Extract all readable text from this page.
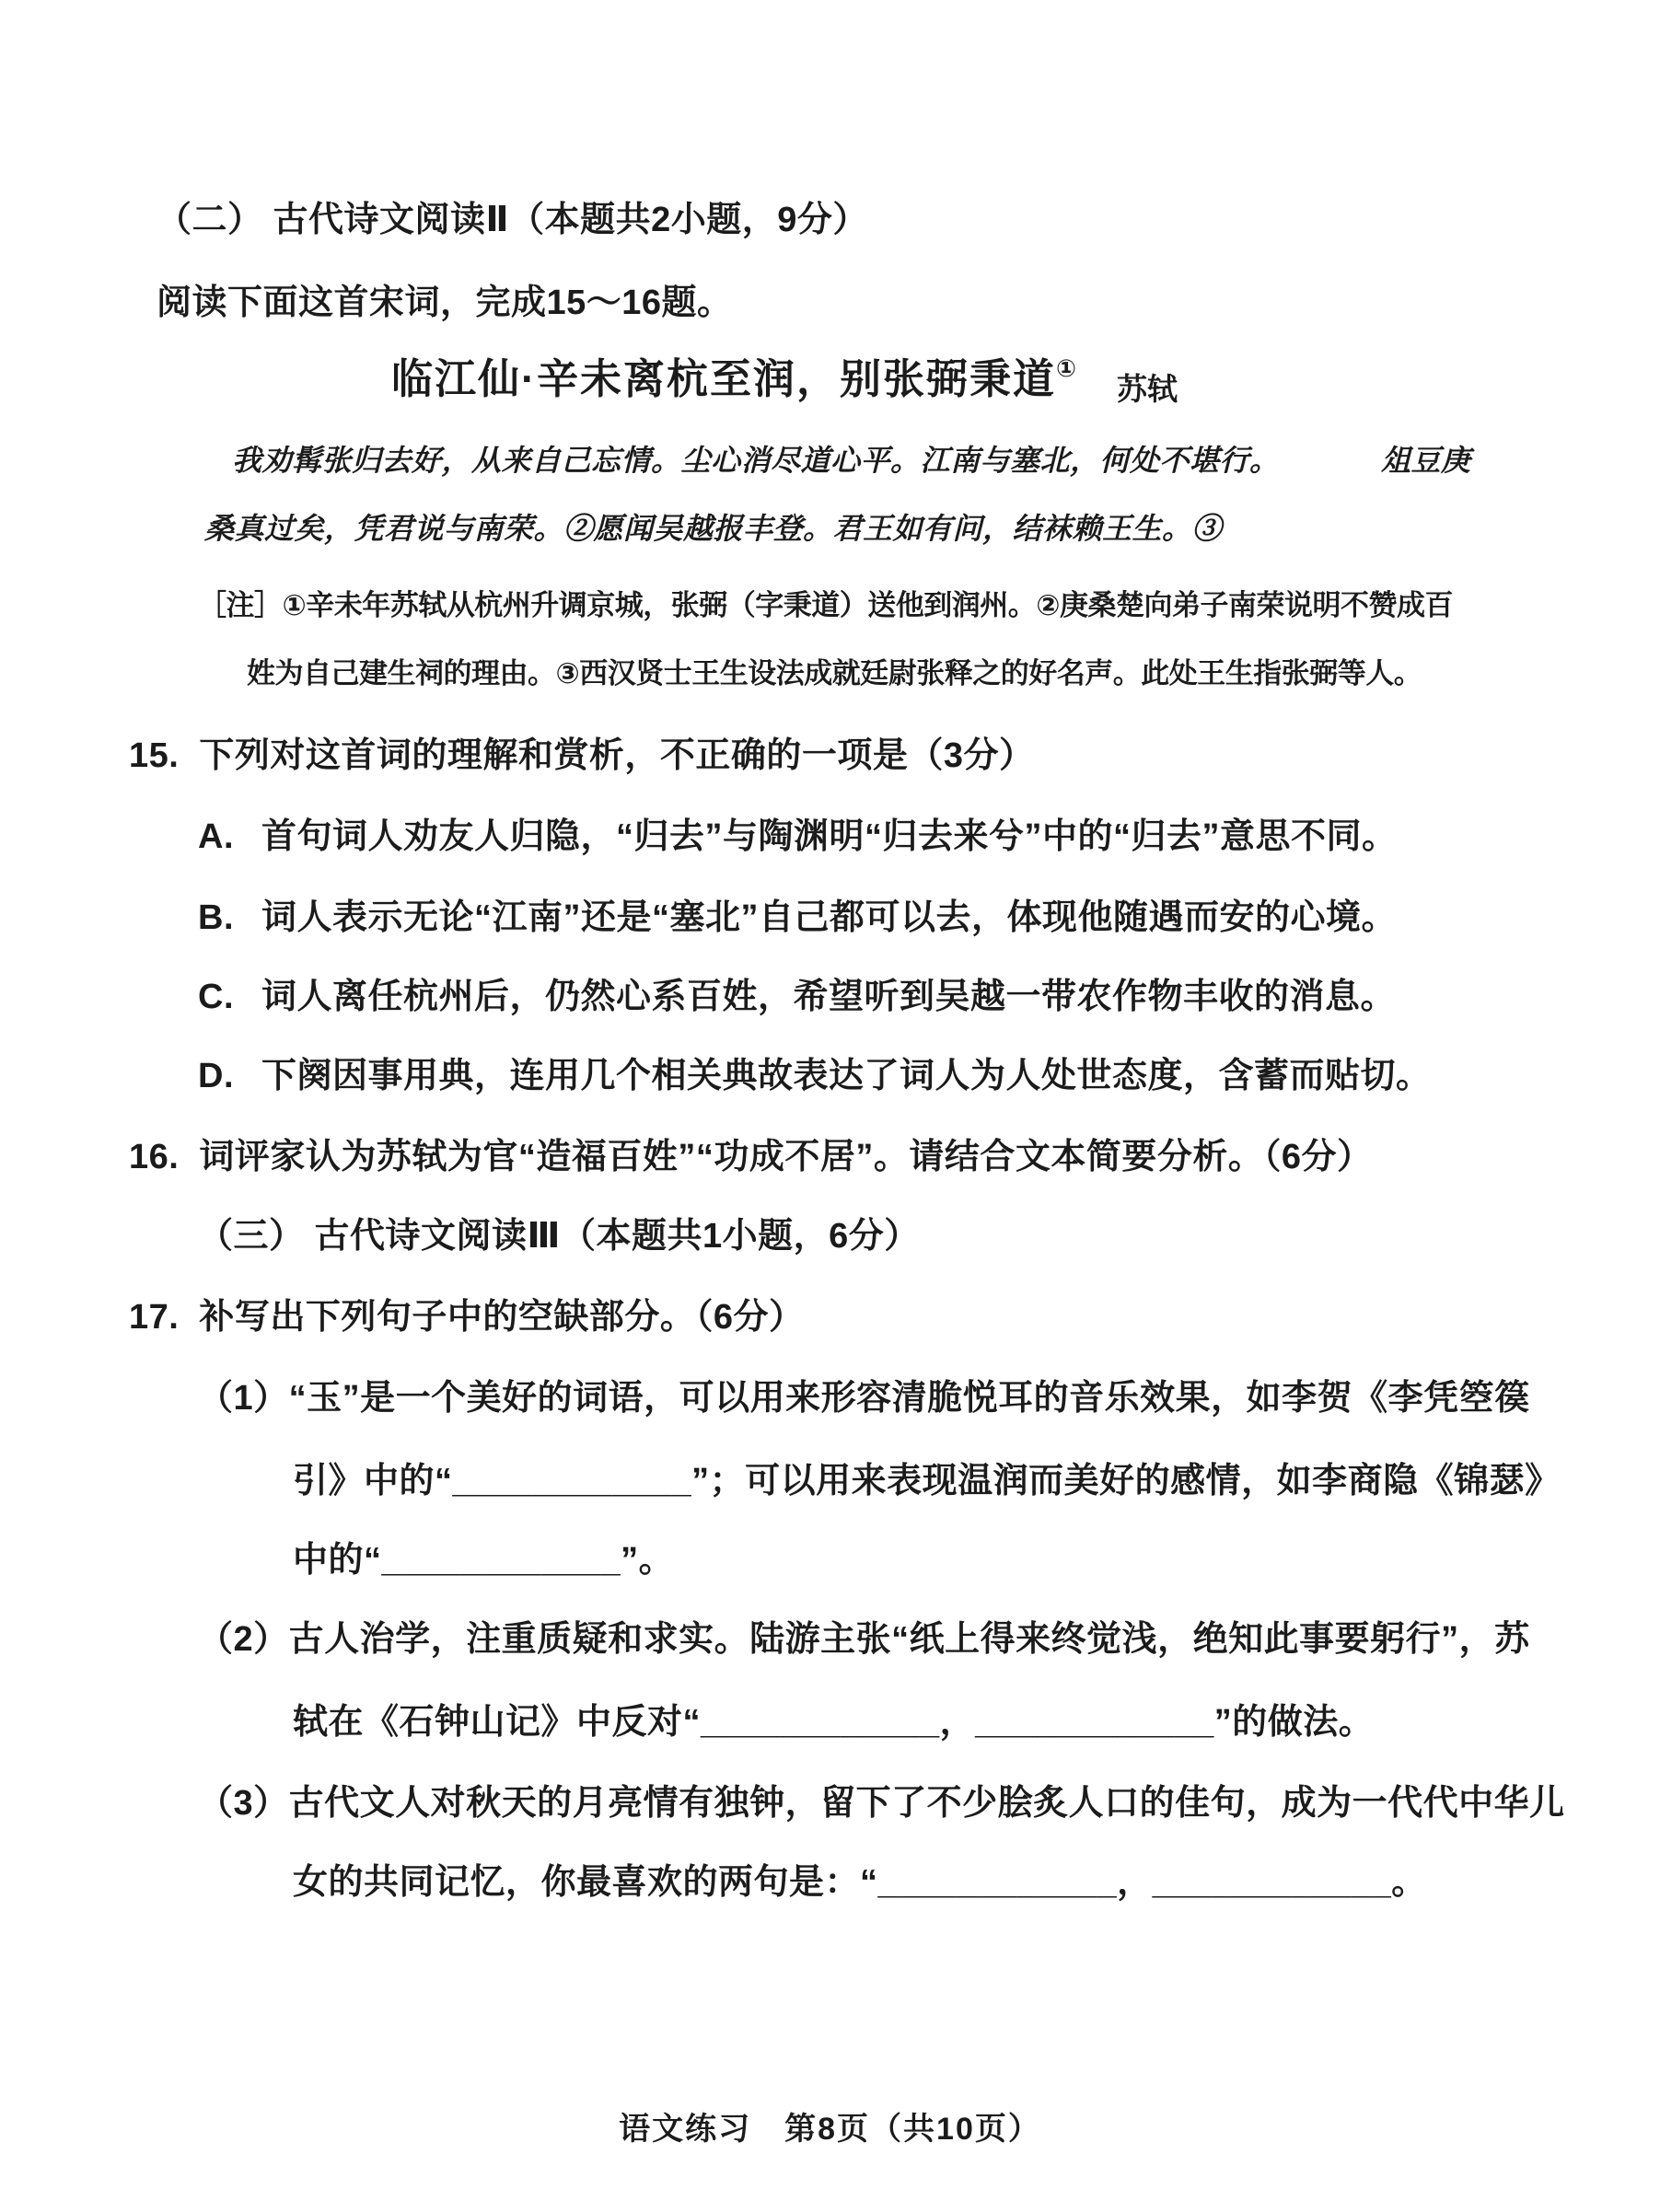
（二） 古代诗文阅读Ⅱ（本题共2小题，9分）
阅读下面这首宋词，完成15～16题。
临江仙·辛未离杭至润，别张弼秉道①
苏轼
我劝髯张归去好，从来自己忘情。尘心消尽道心平。江南与塞北，何处不堪行。	俎豆庚
桑真过矣，凭君说与南荣。②愿闻吴越报丰登。君王如有问，结袜赖王生。③
［注］①辛未年苏轼从杭州升调京城，张弼（字秉道）送他到润州。②庚桑楚向弟子南荣说明不赞成百
姓为自己建生祠的理由。③西汉贤士王生设法成就廷尉张释之的好名声。此处王生指张弼等人。
15. 下列对这首词的理解和赏析，不正确的一项是（3分）
A. 首句词人劝友人归隐，“归去”与陶渊明“归去来兮”中的“归去”意思不同。
B. 词人表示无论“江南”还是“塞北”自己都可以去，体现他随遇而安的心境。
C. 词人离任杭州后，仍然心系百姓，希望听到吴越一带农作物丰收的消息。
D. 下阕因事用典，连用几个相关典故表达了词人为人处世态度，含蓄而贴切。
16. 词评家认为苏轼为官“造福百姓”“功成不居”。请结合文本简要分析。（6分）
（三） 古代诗文阅读Ⅲ（本题共1小题，6分）
17. 补写出下列句子中的空缺部分。（6分）
（1）“玉”是一个美好的词语，可以用来形容清脆悦耳的音乐效果，如李贺《李凭箜篌
引》中的“____________”；可以用来表现温润而美好的感情，如李商隐《锦瑟》
中的“____________”。
（2）古人治学，注重质疑和求实。陆游主张“纸上得来终觉浅，绝知此事要躬行”，苏
轼在《石钟山记》中反对“____________，____________”的做法。
（3）古代文人对秋天的月亮情有独钟，留下了不少脍炙人口的佳句，成为一代代中华儿
女的共同记忆，你最喜欢的两句是：“____________，____________。
语文练习　第8页（共10页）
